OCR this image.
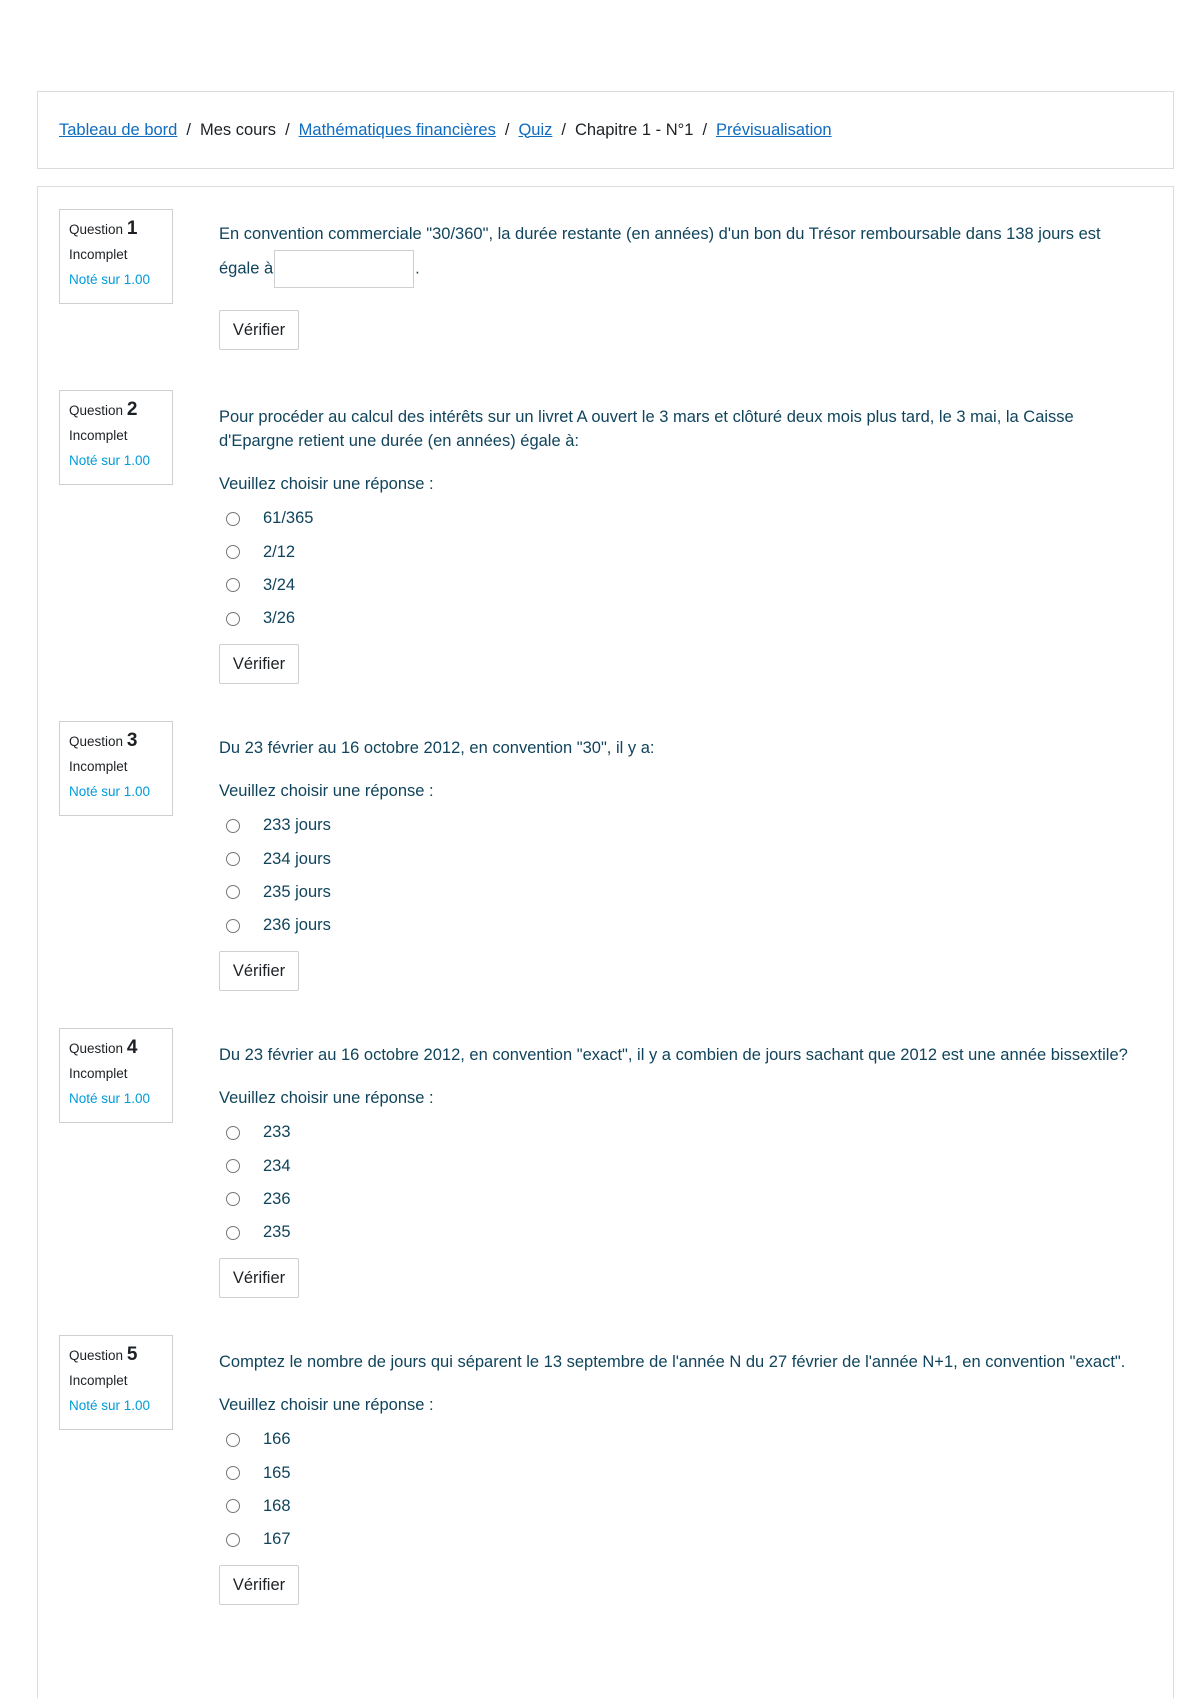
Tableau de bord / Mes cours / Mathématiques financières / Quiz / Chapitre 1 - N°1 / Prévisualisation
Question 1
Incomplet
Noté sur 1.00
En convention commerciale "30/360", la durée restante (en années) d'un bon du Trésor remboursable dans 138 jours est égale à	.
Vérifier
Question 2
Incomplet
Noté sur 1.00
Pour procéder au calcul des intérêts sur un livret A ouvert le 3 mars et clôturé deux mois plus tard, le 3 mai, la Caisse d'Epargne retient une durée (en années) égale à:
Veuillez choisir une réponse :
61/365
2/12
3/24
3/26
Vérifier
Question 3
Incomplet
Noté sur 1.00
Du 23 février au 16 octobre 2012, en convention "30", il y a:
Veuillez choisir une réponse :
233 jours
234 jours
235 jours
236 jours
Vérifier
Question 4
Incomplet
Noté sur 1.00
Du 23 février au 16 octobre 2012, en convention "exact", il y a combien de jours sachant que 2012 est une année bissextile?
Veuillez choisir une réponse :
233
234
236
235
Vérifier
Question 5
Incomplet
Noté sur 1.00
Comptez le nombre de jours qui séparent le 13 septembre de l'année N du 27 février de l'année N+1, en convention "exact".
Veuillez choisir une réponse :
166
165
168
167
Vérifier
